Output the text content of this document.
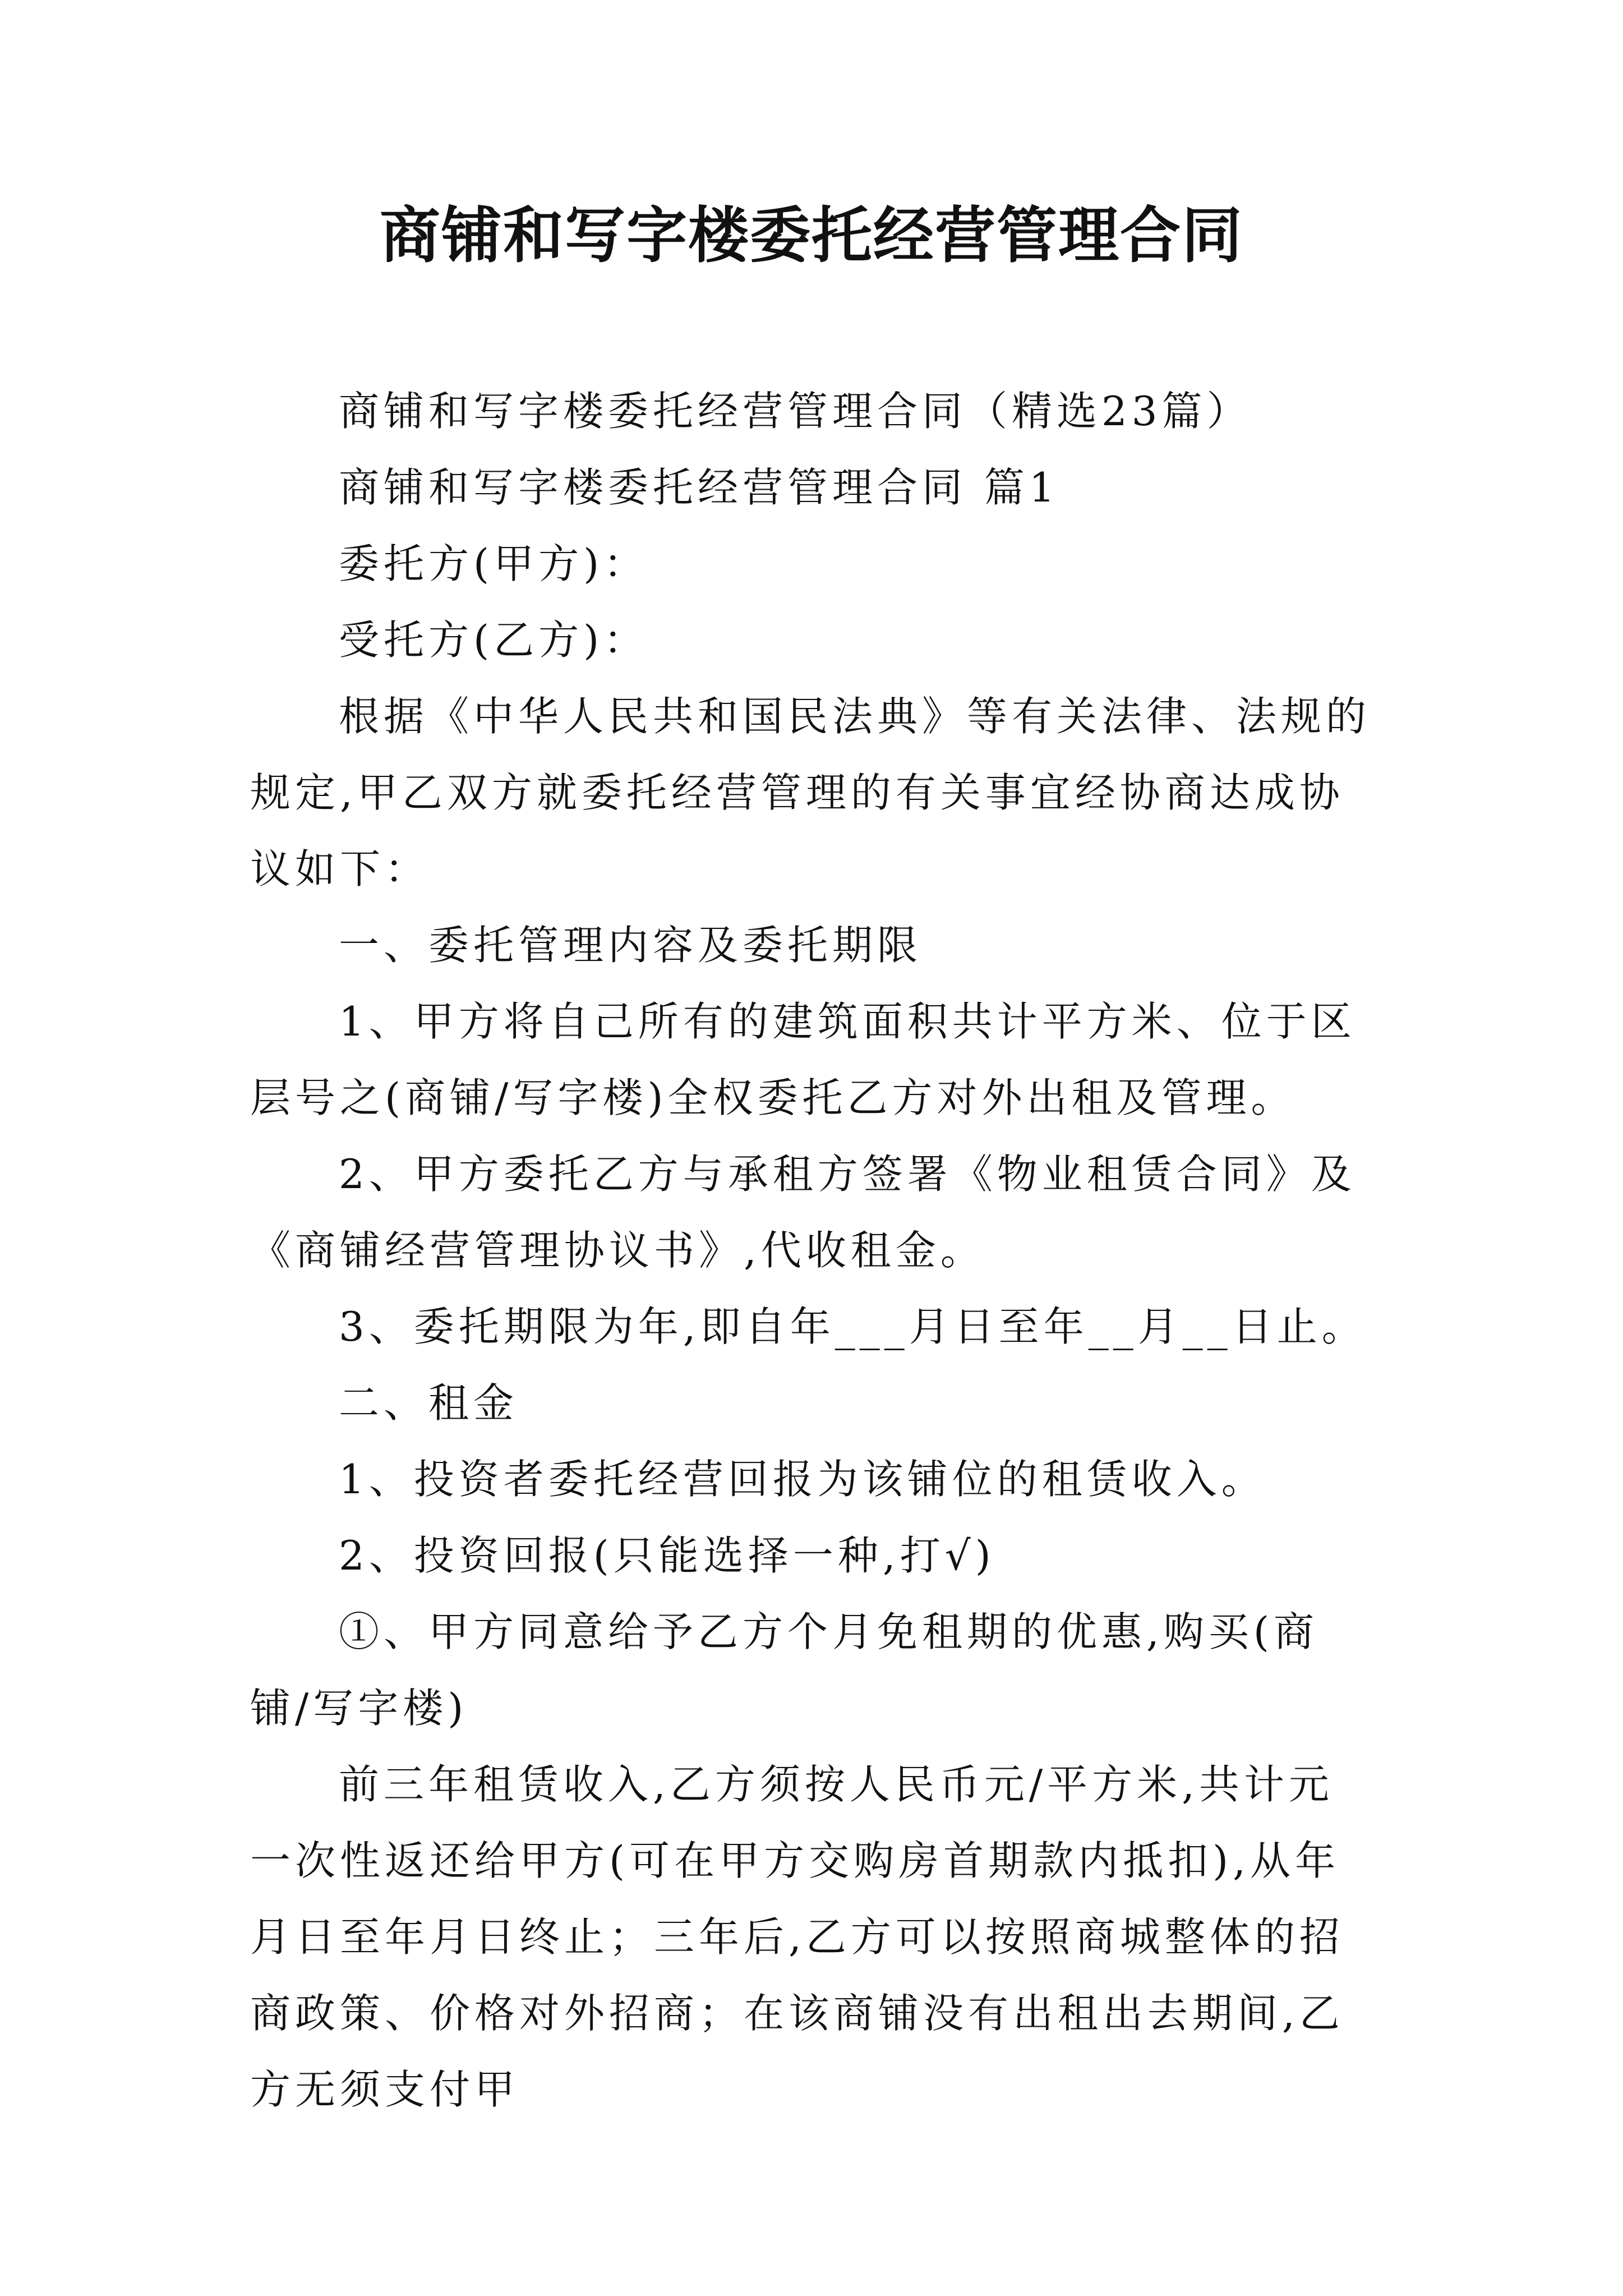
商铺和写字楼委托经营管理合同

商铺和写字楼委托经营管理合同（精选23篇）

商铺和写字楼委托经营管理合同 篇1

委托方(甲方)：

受托方(乙方)：

根据《中华人民共和国民法典》等有关法律、法规的规定,甲乙双方就委托经营管理的有关事宜经协商达成协议如下：

一、委托管理内容及委托期限

1、甲方将自己所有的建筑面积共计平方米、位于区层号之(商铺/写字楼)全权委托乙方对外出租及管理。

2、甲方委托乙方与承租方签署《物业租赁合同》及《商铺经营管理协议书》,代收租金。

3、委托期限为年,即自年___月日至年__月__日止。

二、租金

1、投资者委托经营回报为该铺位的租赁收入。

2、投资回报(只能选择一种,打√)

①、甲方同意给予乙方个月免租期的优惠,购买(商铺/写字楼)

前三年租赁收入,乙方须按人民币元/平方米,共计元一次性返还给甲方(可在甲方交购房首期款内抵扣),从年月日至年月日终止；三年后,乙方可以按照商城整体的招商政策、价格对外招商；在该商铺没有出租出去期间,乙方无须支付甲
